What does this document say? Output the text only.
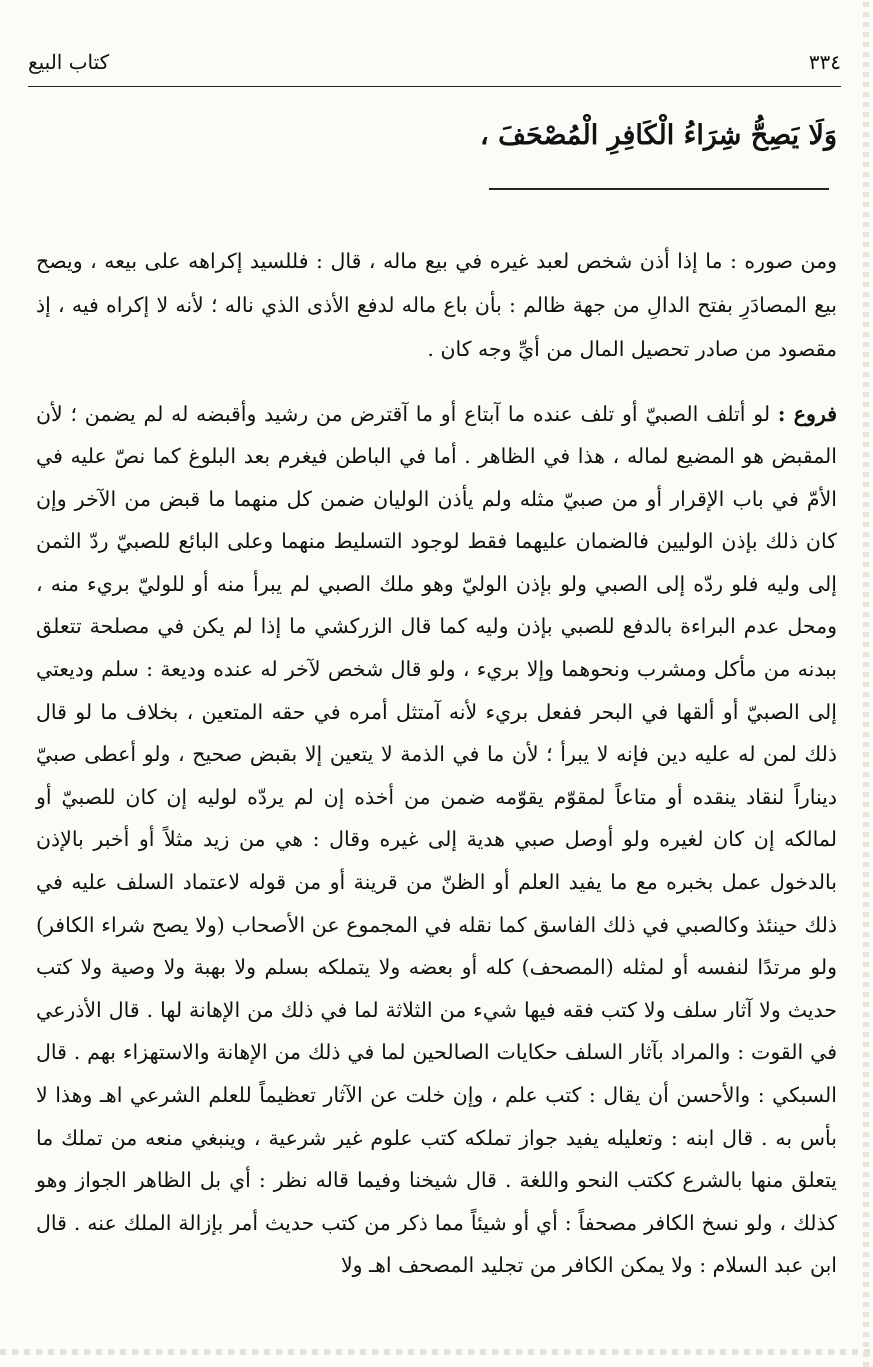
٣٣٤
كتاب البيع
وَلَا يَصِحُّ شِرَاءُ الْكَافِرِ الْمُصْحَفَ ،

ومن صوره : ما إذا أذن شخص لعبد غيره في بيع ماله ، قال : فللسيد إكراهه على بيعه ، ويصح بيع المصادَرِ بفتح الدالِ من جهة ظالم : بأن باع ماله لدفع الأذى الذي ناله ؛ لأنه لا إكراه فيه ، إذ مقصود من صادر تحصيل المال من أيِّ وجه كان .

فروع : لو أتلف الصبيّ أو تلف عنده ما آبتاع أو ما آقترض من رشيد وأقبضه له لم يضمن ؛ لأن المقبض هو المضيع لماله ، هذا في الظاهر . أما في الباطن فيغرم بعد البلوغ كما نصّ عليه في الأمّ في باب الإقرار أو من صبيّ مثله ولم يأذن الوليان ضمن كل منهما ما قبض من الآخر وإن كان ذلك بإذن الوليين فالضمان عليهما فقط لوجود التسليط منهما وعلى البائع للصبيّ ردّ الثمن إلى وليه فلو ردّه إلى الصبي ولو بإذن الوليّ وهو ملك الصبي لم يبرأ منه أو للوليّ بريء منه ، ومحل عدم البراءة بالدفع للصبي بإذن وليه كما قال الزركشي ما إذا لم يكن في مصلحة تتعلق ببدنه من مأكل ومشرب ونحوهما وإلا بريء ، ولو قال شخص لآخر له عنده وديعة : سلم وديعتي إلى الصبيّ أو ألقها في البحر ففعل بريء لأنه آمتثل أمره في حقه المتعين ، بخلاف ما لو قال ذلك لمن له عليه دين فإنه لا يبرأ ؛ لأن ما في الذمة لا يتعين إلا بقبض صحيح ، ولو أعطى صبيّ ديناراً لنقاد ينقده أو متاعاً لمقوّم يقوّمه ضمن من أخذه إن لم يردّه لوليه إن كان للصبيّ أو لمالكه إن كان لغيره ولو أوصل صبي هدية إلى غيره وقال : هي من زيد مثلاً أو أخبر بالإذن بالدخول عمل بخبره مع ما يفيد العلم أو الظنّ من قرينة أو من قوله لاعتماد السلف عليه في ذلك حينئذ وكالصبي في ذلك الفاسق كما نقله في المجموع عن الأصحاب (ولا يصح شراء الكافر) ولو مرتدًا لنفسه أو لمثله (المصحف) كله أو بعضه ولا يتملكه بسلم ولا بهبة ولا وصية ولا كتب حديث ولا آثار سلف ولا كتب فقه فيها شيء من الثلاثة لما في ذلك من الإهانة لها . قال الأذرعي في القوت : والمراد بآثار السلف حكايات الصالحين لما في ذلك من الإهانة والاستهزاء بهم . قال السبكي : والأحسن أن يقال : كتب علم ، وإن خلت عن الآثار تعظيماً للعلم الشرعي اهـ وهذا لا بأس به . قال ابنه : وتعليله يفيد جواز تملكه كتب علوم غير شرعية ، وينبغي منعه من تملك ما يتعلق منها بالشرع ككتب النحو واللغة . قال شيخنا وفيما قاله نظر : أي بل الظاهر الجواز وهو كذلك ، ولو نسخ الكافر مصحفاً : أي أو شيئاً مما ذكر من كتب حديث أمر بإزالة الملك عنه . قال ابن عبد السلام : ولا يمكن الكافر من تجليد المصحف اهـ ولا
